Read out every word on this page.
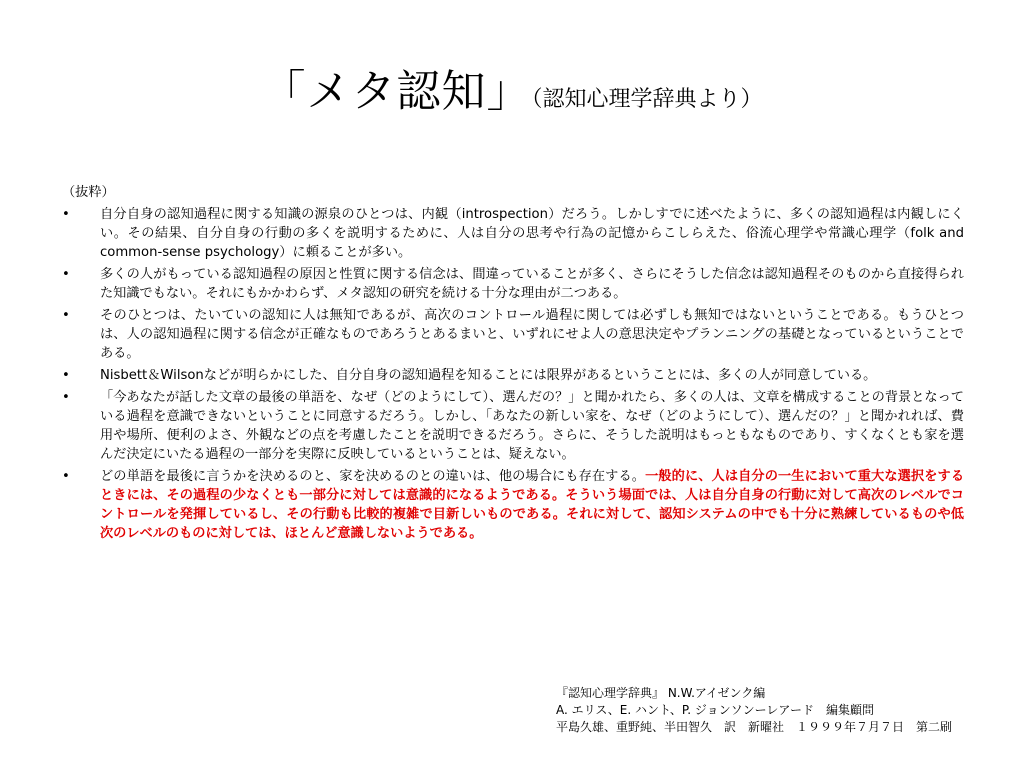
「メタ認知」（認知心理学辞典より）
（抜粋）
• 自分自身の認知過程に関する知識の源泉のひとつは、内観（introspection）だろう。しかしすでに述べたように、多くの認知過程は内観しにくい。その結果、自分自身の行動の多くを説明するために、人は自分の思考や行為の記憶からこしらえた、俗流心理学や常識心理学（folk and common-sense psychology）に頼ることが多い。
• 多くの人がもっている認知過程の原因と性質に関する信念は、間違っていることが多く、さらにそうした信念は認知過程そのものから直接得られた知識でもない。それにもかかわらず、メタ認知の研究を続ける十分な理由が二つある。
• そのひとつは、たいていの認知に人は無知であるが、高次のコントロール過程に関しては必ずしも無知ではないということである。もうひとつは、人の認知過程に関する信念が正確なものであろうとあるまいと、いずれにせよ人の意思決定やプランニングの基礎となっているということである。
• Nisbett＆Wilsonなどが明らかにした、自分自身の認知過程を知ることには限界があるということには、多くの人が同意している。
• 「今あなたが話した文章の最後の単語を、なぜ（どのようにして）、選んだの？」と聞かれたら、多くの人は、文章を構成することの背景となっている過程を意識できないということに同意するだろう。しかし、「あなたの新しい家を、なぜ（どのようにして）、選んだの？」と聞かれれば、費用や場所、便利のよさ、外観などの点を考慮したことを説明できるだろう。さらに、そうした説明はもっともなものであり、すくなくとも家を選んだ決定にいたる過程の一部分を実際に反映しているということは、疑えない。
• どの単語を最後に言うかを決めるのと、家を決めるのとの違いは、他の場合にも存在する。一般的に、人は自分の一生において重大な選択をするときには、その過程の少なくとも一部分に対しては意識的になるようである。そういう場面では、人は自分自身の行動に対して高次のレベルでコントロールを発揮しているし、その行動も比較的複雑で目新しいものである。それに対して、認知システムの中でも十分に熟練しているものや低次のレベルのものに対しては、ほとんど意識しないようである。
『認知心理学辞典』 N.W.アイゼンク編
A. エリス、E. ハント、P. ジョンソンーレアード　編集顧問
平島久雄、重野純、半田智久　訳　新曜社　１９９９年７月７日　第二刷
